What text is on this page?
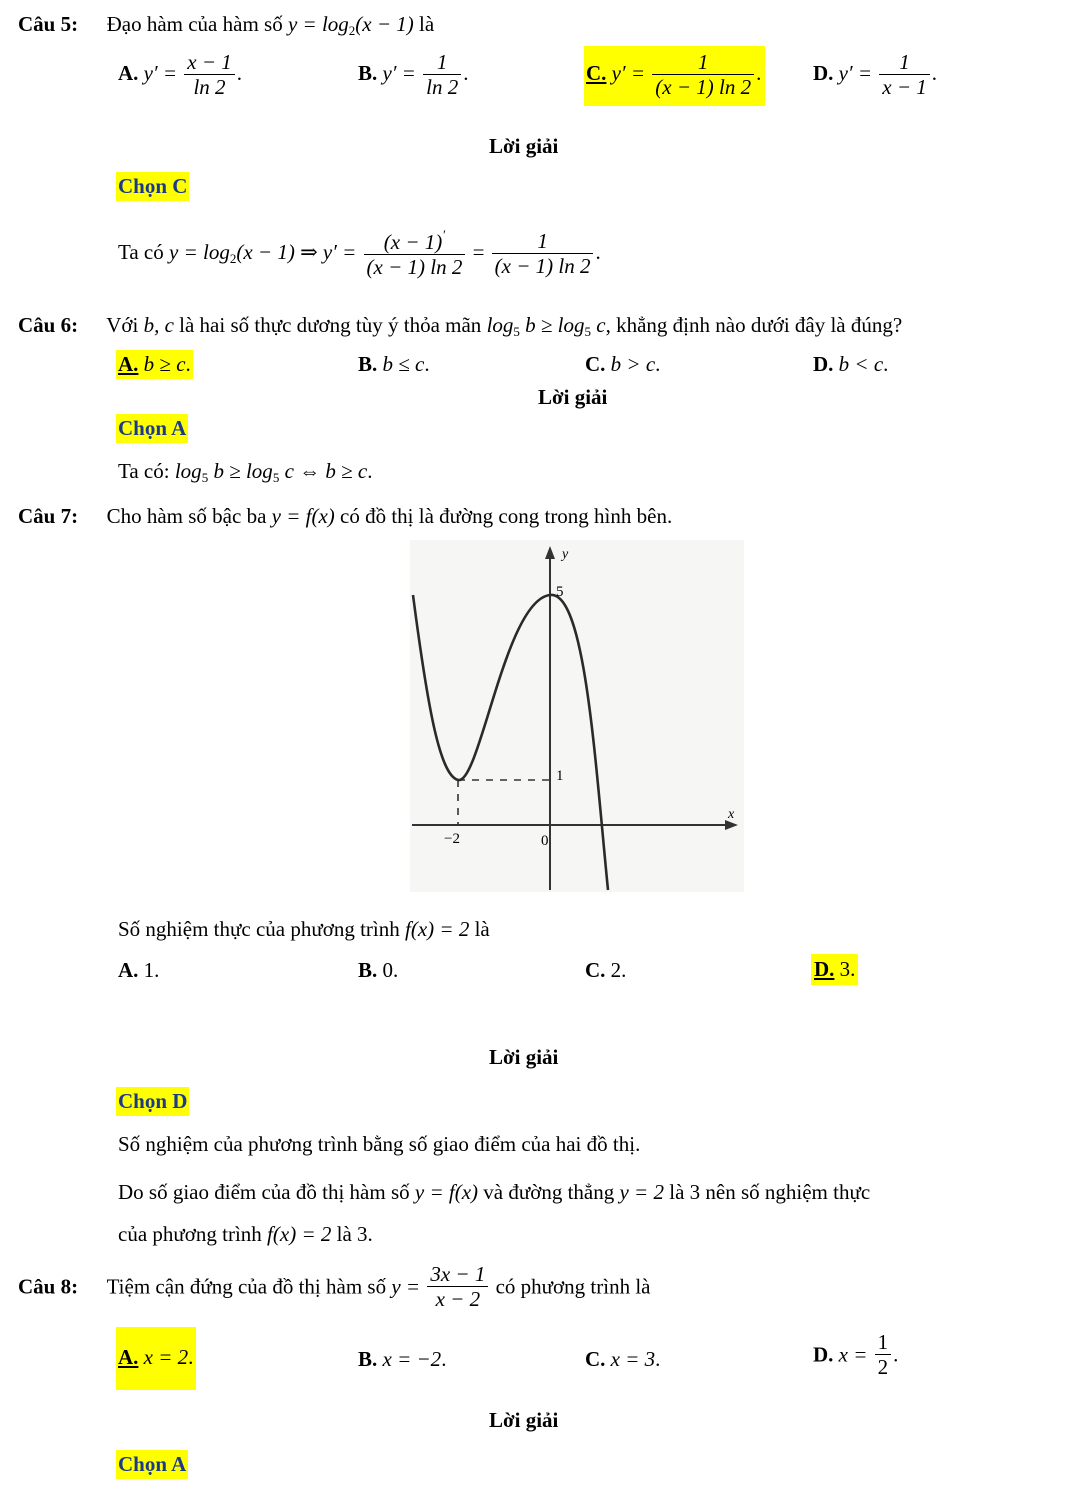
Câu 5: Đạo hàm của hàm số $y = \log_2(x - 1)$ là
A. $y' = \frac{x - 1}{\ln 2}$ .	B. $y' = \frac{1}{\ln 2}$ .	C. $y' = \frac{1}{(x - 1) \ln 2}$ . D. $y' = \frac{1}{x - 1}$ .
Lời giải
Chọn C
Ta có $y = \log_2(x - 1)$ ⇒ $y' = \frac{(x - 1)'}{(x - 1) \ln 2} = \frac{1}{(x - 1) \ln 2}$ .
Câu 6: Với b, c là hai số thực dương tùy ý thỏa mãn $\log_5 b \ge \log_5 c$, khẳng định nào dưới đây là đúng?
A. b ≥ c.	B. b ≤ c.	C. b > c.	D. b < c.
Lời giải
Chọn A
Ta có: $\log_5 b \ge \log_5 c$ ⇔ b ≥ c.
Câu 7: Cho hàm số bậc ba y = f(x) có đồ thị là đường cong trong hình bên.
y
x
5
1
−2	0
Số nghiệm thực của phương trình f(x) = 2 là
A. 1.	B. 0.	C. 2.	D. 3.
Lời giải
Chọn D
Số nghiệm của phương trình bằng số giao điểm của hai đồ thị.
Do số giao điểm của đồ thị hàm số y = f(x) và đường thẳng y = 2 là 3 nên số nghiệm thực
của phương trình f(x) = 2 là 3.
Câu 8: Tiệm cận đứng của đồ thị hàm số $y = \frac{3x - 1}{x - 2}$ có phương trình là
A. x = 2.	B. x = −2.	C. x = 3.	D. $x = \frac{1}{2}$ .
Lời giải
Chọn A
